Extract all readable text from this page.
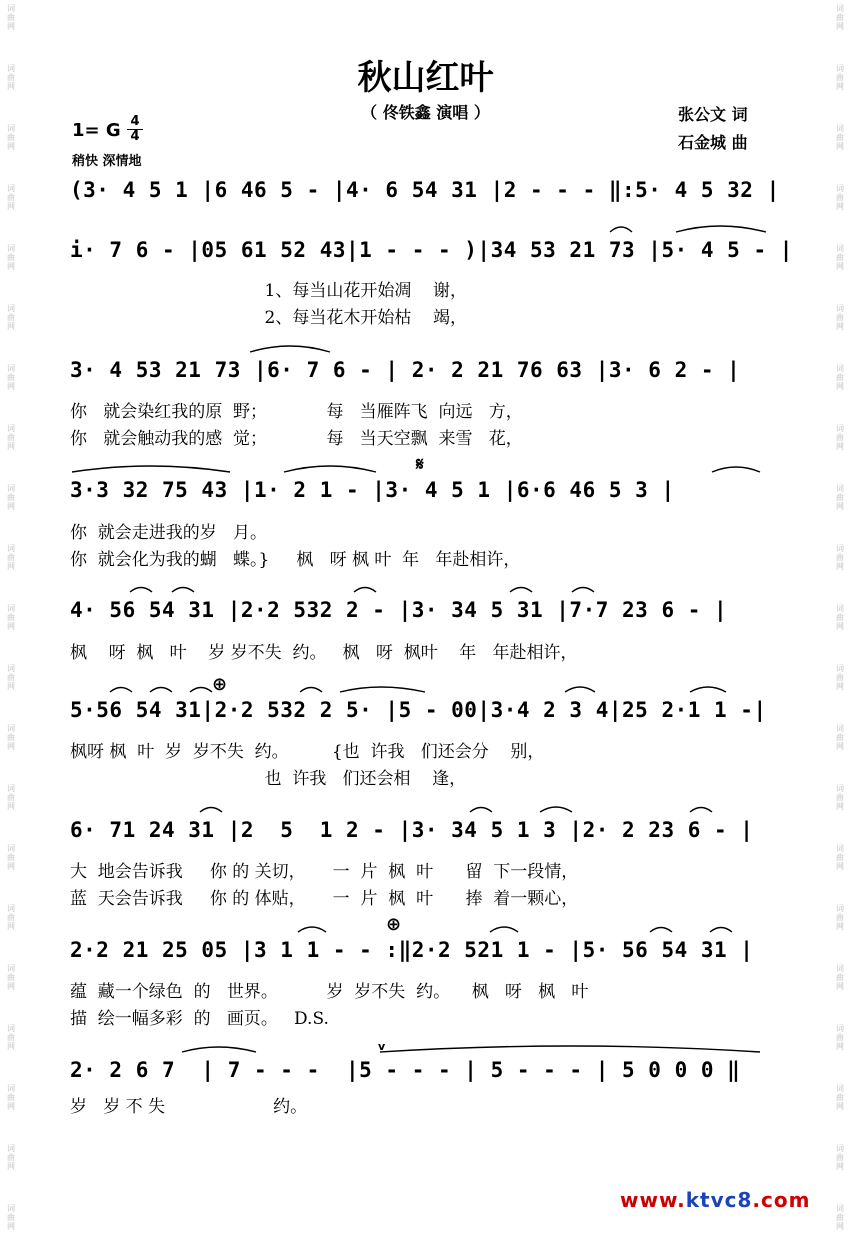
词
曲
网
词
曲
网
词
曲
网
词
曲
网
词
曲
网
词
曲
网
词
曲
网
词
曲
网
词
曲
网
词
曲
网
词
曲
网
词
曲
网
词
曲
网
词
曲
网
词
曲
网
词
曲
网
词
曲
网
词
曲
网
词
曲
网
词
曲
网
词
曲
网
词
曲
网
词
曲
网
词
曲
网
词
曲
网
词
曲
网
词
曲
网
词
曲
网
词
曲
网
词
曲
网
词
曲
网
词
曲
网
词
曲
网
词
曲
网
词
曲
网
词
曲
网
词
曲
网
词
曲
网
词
曲
网
词
曲
网
词
曲
网
词
曲
网
秋山红叶
（ 佟铁鑫 演唱 ）	张公文 词
石金城 曲
1= G 4
4
稍快 深情地
(3· 4 5 1 |6 46 5 - |4· 6 54 31 |2 - - - ‖:5· 4 5 32 |
i· 7 6 - |05 61 52 43|1 - - - )|34 53 21 73 |5· 4 5 - |
1、每当山花开始凋    谢，
2、每当花木开始枯    竭，
3· 4 53 21 73 |6· 7 6 - | 2· 2 21 76 63 |3· 6 2 - |
你   就会染红我的原  野；           每   当雁阵飞  向远   方，
你   就会触动我的感  觉；           每   当天空飘  来雪   花，
𝄋
3·3 32 75 43 |1· 2 1 - |3· 4 5 1 |6·6 46 5 3 |
你  就会走进我的岁   月。
你  就会化为我的蝴   蝶。}     枫   呀 枫 叶  年   年赴相许，
4· 56 54 31 |2·2 532 2 - |3· 34 5 31 |7·7 23 6 - |
枫    呀  枫   叶    岁 岁不失  约。   枫   呀  枫叶    年   年赴相许，
⊕
5·56 54 31|2·2 532 2 5· |5 - 00|3·4 2 3 4|25 2·1 1 -|
枫呀 枫  叶  岁  岁不失  约。        {也  许我   们还会分    别，
也  许我   们还会相    逢，
6· 71 24 31 |2  5  1 2 - |3· 34 5 1 3 |2· 2 23 6 - |
大  地会告诉我     你 的 关切，     一  片  枫  叶      留  下一段情，
蓝  天会告诉我     你 的 体贴，     一  片  枫  叶      捧  着一颗心，
⊕
2·2 21 25 05 |3 1 1 - - :‖2·2 521 1 - |5· 56 54 31 |
蕴  藏一个绿色  的   世界。         岁  岁不失  约。    枫   呀   枫   叶
描  绘一幅多彩  的   画页。   D.S.
v
2· 2 6 7  | 7 - - -  |5 - - - | 5 - - - | 5 0 0 0 ‖
岁   岁 不 失                    约。
www.ktvc8.com
